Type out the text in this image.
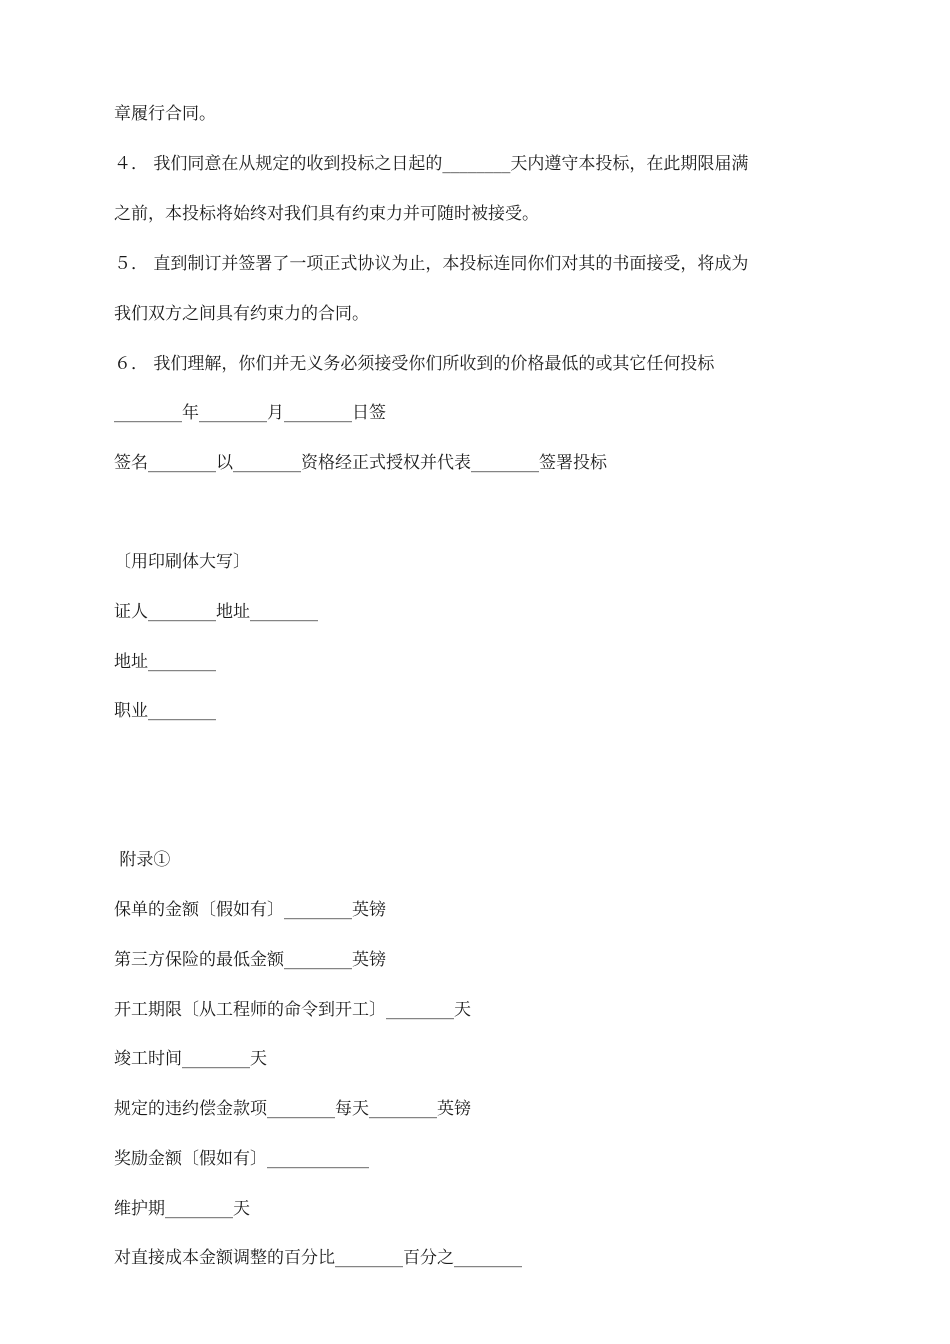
章履行合同。
４． 我们同意在从规定的收到投标之日起的________天内遵守本投标，在此期限届满
之前，本投标将始终对我们具有约束力并可随时被接受。
５． 直到制订并签署了一项正式协议为止，本投标连同你们对其的书面接受，将成为
我们双方之间具有约束力的合同。
６． 我们理解，你们并无义务必须接受你们所收到的价格最低的或其它任何投标
________年________月________日签
签名________以________资格经正式授权并代表________签署投标
〔用印刷体大写〕
证人________地址________
地址________
职业________
附录①
保单的金额〔假如有〕________英镑
第三方保险的最低金额________英镑
开工期限〔从工程师的命令到开工〕________天
竣工时间________天
规定的违约偿金款项________每天________英镑
奖励金额〔假如有〕____________
维护期________天
对直接成本金额调整的百分比________百分之________
